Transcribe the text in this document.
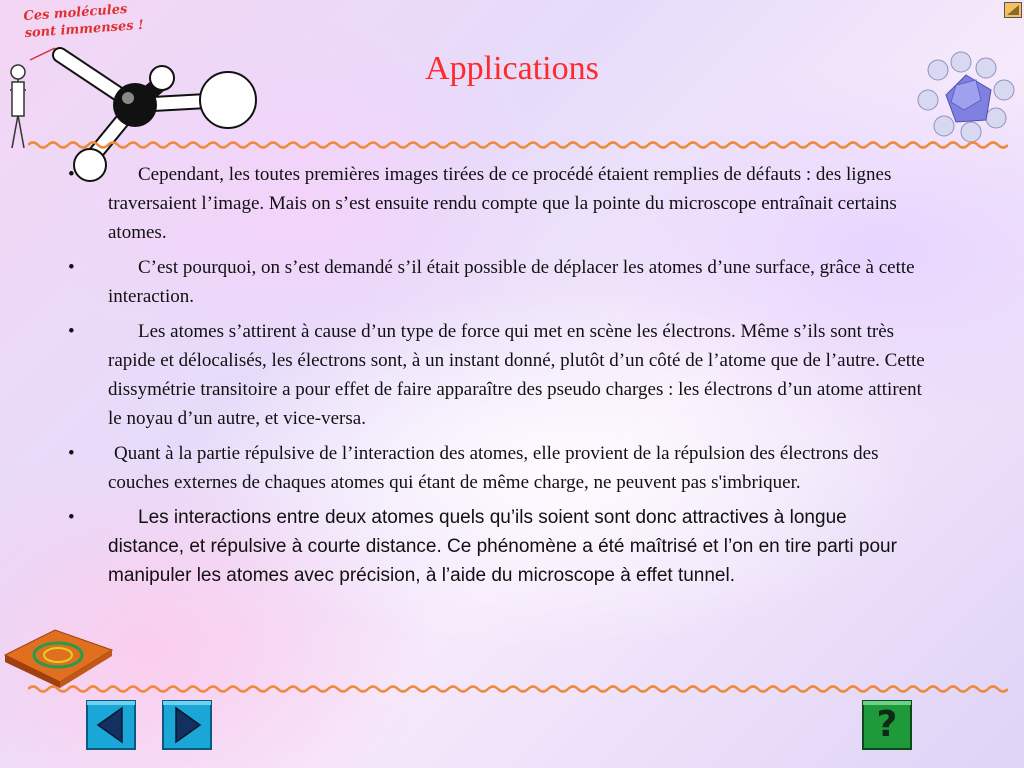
Ces molécules
sont immenses !
Applications
•	Cependant, les toutes premières images tirées de ce procédé étaient remplies de défauts : des lignes traversaient l’image. Mais on s’est ensuite rendu compte que la pointe du microscope entraînait certains atomes.
•	C’est pourquoi, on s’est demandé s’il était possible de déplacer les atomes d’une surface, grâce à cette interaction.
•	Les atomes s’attirent à cause d’un type de force qui met en scène les électrons. Même s’ils sont très rapide et délocalisés, les électrons sont, à un instant donné, plutôt d’un côté de l’atome que de l’autre. Cette dissymétrie transitoire a pour effet de faire apparaître des pseudo charges : les électrons d’un atome attirent le noyau d’un autre, et vice-versa.
•	Quant à la partie répulsive de l’interaction des atomes, elle provient de la répulsion des électrons des couches externes de chaques atomes qui étant de même charge, ne peuvent pas s'imbriquer.
•	Les interactions entre deux atomes quels qu’ils soient sont donc attractives à longue distance, et répulsive à courte distance. Ce phénomène a été maîtrisé et l’on en tire parti pour manipuler les atomes avec précision, à l’aide du microscope à effet tunnel.
?
